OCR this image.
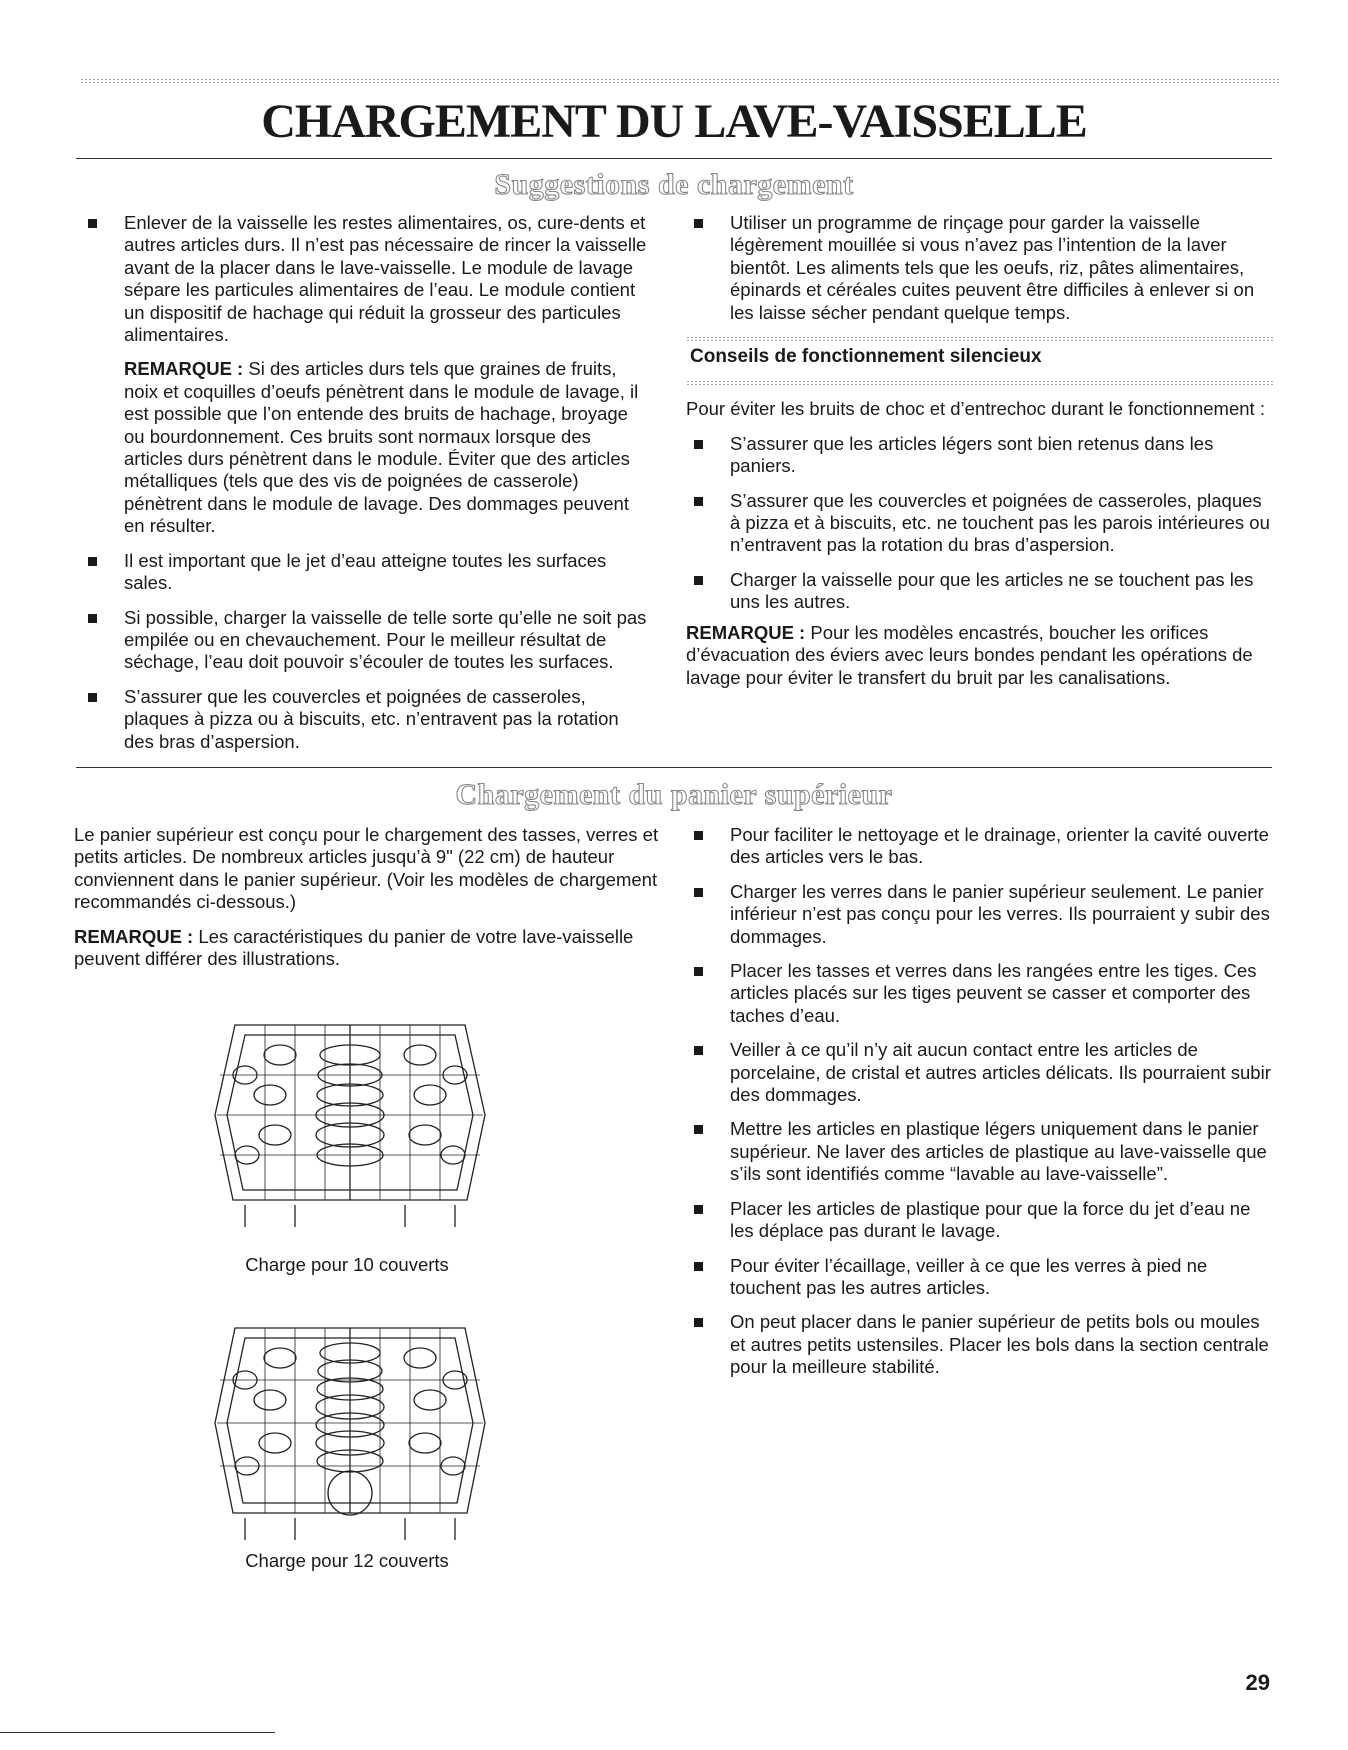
CHARGEMENT DU LAVE-VAISSELLE
Suggestions de chargement
Enlever de la vaisselle les restes alimentaires, os, cure-dents et autres articles durs. Il n’est pas nécessaire de rincer la vaisselle avant de la placer dans le lave-vaisselle. Le module de lavage sépare les particules alimentaires de l’eau. Le module contient un dispositif de hachage qui réduit la grosseur des particules alimentaires.

REMARQUE : Si des articles durs tels que graines de fruits, noix et coquilles d’oeufs pénètrent dans le module de lavage, il est possible que l’on entende des bruits de hachage, broyage ou bourdonnement. Ces bruits sont normaux lorsque des articles durs pénètrent dans le module. Éviter que des articles métalliques (tels que des vis de poignées de casserole) pénètrent dans le module de lavage. Des dommages peuvent en résulter.

Il est important que le jet d’eau atteigne toutes les surfaces sales.
Si possible, charger la vaisselle de telle sorte qu’elle ne soit pas empilée ou en chevauchement. Pour le meilleur résultat de séchage, l’eau doit pouvoir s’écouler de toutes les surfaces.
S’assurer que les couvercles et poignées de casseroles, plaques à pizza ou à biscuits, etc. n’entravent pas la rotation des bras d’aspersion.
Utiliser un programme de rinçage pour garder la vaisselle légèrement mouillée si vous n’avez pas l’intention de la laver bientôt. Les aliments tels que les oeufs, riz, pâtes alimentaires, épinards et céréales cuites peuvent être difficiles à enlever si on les laisse sécher pendant quelque temps.

Conseils de fonctionnement silencieux

Pour éviter les bruits de choc et d’entrechoc durant le fonctionnement :

S’assurer que les articles légers sont bien retenus dans les paniers.
S’assurer que les couvercles et poignées de casseroles, plaques à pizza et à biscuits, etc. ne touchent pas les parois intérieures ou n’entravent pas la rotation du bras d’aspersion.
Charger la vaisselle pour que les articles ne se touchent pas les uns les autres.

REMARQUE : Pour les modèles encastrés, boucher les orifices d’évacuation des éviers avec leurs bondes pendant les opérations de lavage pour éviter le transfert du bruit par les canalisations.

Chargement du panier supérieur

Le panier supérieur est conçu pour le chargement des tasses, verres et petits articles. De nombreux articles jusqu’à 9" (22 cm) de hauteur conviennent dans le panier supérieur. (Voir les modèles de chargement recommandés ci-dessous.)

REMARQUE : Les caractéristiques du panier de votre lave-vaisselle peuvent différer des illustrations.

Charge pour 10 couverts
Charge pour 12 couverts
Pour faciliter le nettoyage et le drainage, orienter la cavité ouverte des articles vers le bas.
Charger les verres dans le panier supérieur seulement. Le panier inférieur n’est pas conçu pour les verres. Ils pourraient y subir des dommages.
Placer les tasses et verres dans les rangées entre les tiges. Ces articles placés sur les tiges peuvent se casser et comporter des taches d’eau.
Veiller à ce qu’il n’y ait aucun contact entre les articles de porcelaine, de cristal et autres articles délicats. Ils pourraient subir des dommages.
Mettre les articles en plastique légers uniquement dans le panier supérieur. Ne laver des articles de plastique au lave-vaisselle que s’ils sont identifiés comme “lavable au lave-vaisselle”.
Placer les articles de plastique pour que la force du jet d’eau ne les déplace pas durant le lavage.
Pour éviter l’écaillage, veiller à ce que les verres à pied ne touchent pas les autres articles.
On peut placer dans le panier supérieur de petits bols ou moules et autres petits ustensiles. Placer les bols dans la section centrale pour la meilleure stabilité.
29
